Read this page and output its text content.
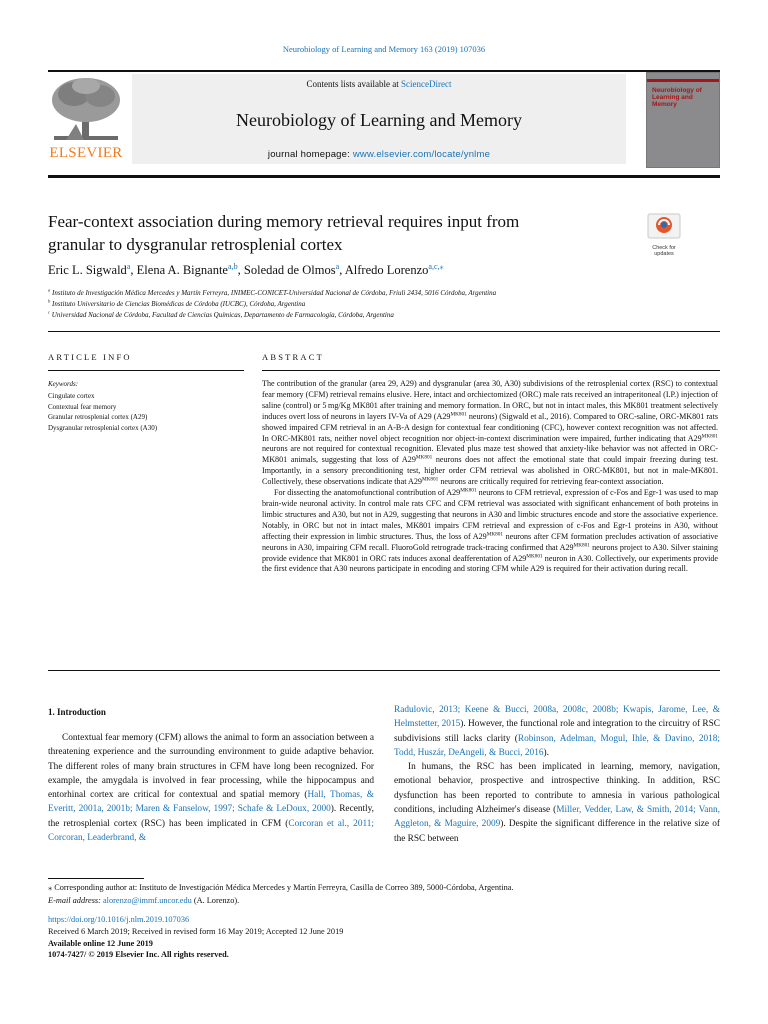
Neurobiology of Learning and Memory 163 (2019) 107036
ELSEVIER
Contents lists available at ScienceDirect
Neurobiology of Learning and Memory
journal homepage: www.elsevier.com/locate/ynlme
Neurobiology of Learning and Memory
Fear-context association during memory retrieval requires input from
granular to dysgranular retrosplenial cortex	Check for updates
Eric L. Sigwald$^a$, Elena A. Bignante$^{a,b}$, Soledad de Olmos$^a$, Alfredo Lorenzo$^{a,c,⁎}$
$^a$ Instituto de Investigación Médica Mercedes y Martín Ferreyra, INIMEC-CONICET-Universidad Nacional de Córdoba, Friuli 2434, 5016 Córdoba, Argentina
$^b$ Instituto Universitario de Ciencias Biomédicas de Córdoba (IUCBC), Córdoba, Argentina
$^c$ Universidad Nacional de Córdoba, Facultad de Ciencias Químicas, Departamento de Farmacología, Córdoba, Argentina
ARTICLE INFO
Keywords:
Cingulate cortex
Contextual fear memory
Granular retrosplenial cortex (A29)
Dysgranular retrosplenial cortex (A30)
ABSTRACT

The contribution of the granular (area 29, A29) and dysgranular (area 30, A30) subdivisions of the retrosplenial cortex (RSC) to contextual fear memory (CFM) retrieval remains elusive. Here, intact and orchiectomized (ORC) male rats received an intraperitoneal (I.P.) injection of saline (control) or 5 mg/Kg MK801 after training and memory formation. In ORC, but not in intact males, this MK801 treatment selectively induces overt loss of neurons in layers IV-Va of A29 ($A29^{MK801}$ neurons) (Sigwald et al., 2016). Compared to ORC-saline, ORC-MK801 rats showed impaired CFM retrieval in an A-B-A design for contextual fear conditioning (CFC), however context recognition was not affected. In ORC-MK801 rats, neither novel object recognition nor object-in-context discrimination were impaired, further indicating that $A29^{MK801}$ neurons are not required for contextual recognition. Elevated plus maze test showed that anxiety-like behavior was not affected in ORC-MK801 animals, suggesting that loss of $A29^{MK801}$ neurons does not affect the emotional state that could impair freezing during test. Importantly, in a sensory preconditioning test, higher order CFM retrieval was abolished in ORC-MK801, but not in male-MK801. Collectively, these observations indicate that $A29^{MK801}$ neurons are critically required for retrieving fear-context association.

For dissecting the anatomofunctional contribution of $A29^{MK801}$ neurons to CFM retrieval, expression of c-Fos and Egr-1 was used to map brain-wide neuronal activity. In control male rats CFC and CFM retrieval was associated with significant enhancement of both proteins in limbic structures and A30, but not in A29, suggesting that neurons in A30 and limbic structures encode and store the associative experience. Notably, in ORC but not in intact males, MK801 impairs CFM retrieval and expression of c-Fos and Egr-1 proteins in A30, without affecting their expression in limbic structures. Thus, the loss of $A29^{MK801}$ neurons after CFM formation precludes activation of associative neurons in A30, impairing CFM recall. FluoroGold retrograde track-tracing confirmed that $A29^{MK801}$ neurons project to A30. Silver staining provide evidence that MK801 in ORC rats induces axonal deafferentation of $A29^{MK801}$ neuron in A30. Collectively, our experiments provide the first evidence that A30 neurons participate in encoding and storing CFM while A29 is required for their activation during recall.

1. Introduction

Contextual fear memory (CFM) allows the animal to form an association between a threatening experience and the surrounding environment to guide adaptive behavior. The different roles of many brain structures in CFM have long been recognized. For example, the amygdala is involved in fear processing, while the hippocampus and entorhinal cortex are critical for contextual and spatial memory (Hall, Thomas, & Everitt, 2001a, 2001b; Maren & Fanselow, 1997; Schafe & LeDoux, 2000). Recently, the retrosplenial cortex (RSC) has been implicated in CFM (Corcoran et al., 2011; Corcoran, Leaderbrand, &

Radulovic, 2013; Keene & Bucci, 2008a, 2008c, 2008b; Kwapis, Jarome, Lee, & Helmstetter, 2015). However, the functional role and integration to the circuitry of RSC subdivisions still lacks clarity (Robinson, Adelman, Mogul, Ihle, & Davino, 2018; Todd, Huszár, DeAngeli, & Bucci, 2016).

In humans, the RSC has been implicated in learning, memory, navigation, emotional behavior, prospective and introspective thinking. In addition, RSC dysfunction has been reported to contribute to amnesia in various pathological conditions, including Alzheimer's disease (Miller, Vedder, Law, & Smith, 2014; Vann, Aggleton, & Maguire, 2009). Despite the significant difference in the relative size of the RSC between

⁎ Corresponding author at: Instituto de Investigación Médica Mercedes y Martín Ferreyra, Casilla de Correo 389, 5000-Córdoba, Argentina.
E-mail address: alorenzo@immf.uncor.edu (A. Lorenzo).
https://doi.org/10.1016/j.nlm.2019.107036
Received 6 March 2019; Received in revised form 16 May 2019; Accepted 12 June 2019
Available online 12 June 2019
1074-7427/ © 2019 Elsevier Inc. All rights reserved.
